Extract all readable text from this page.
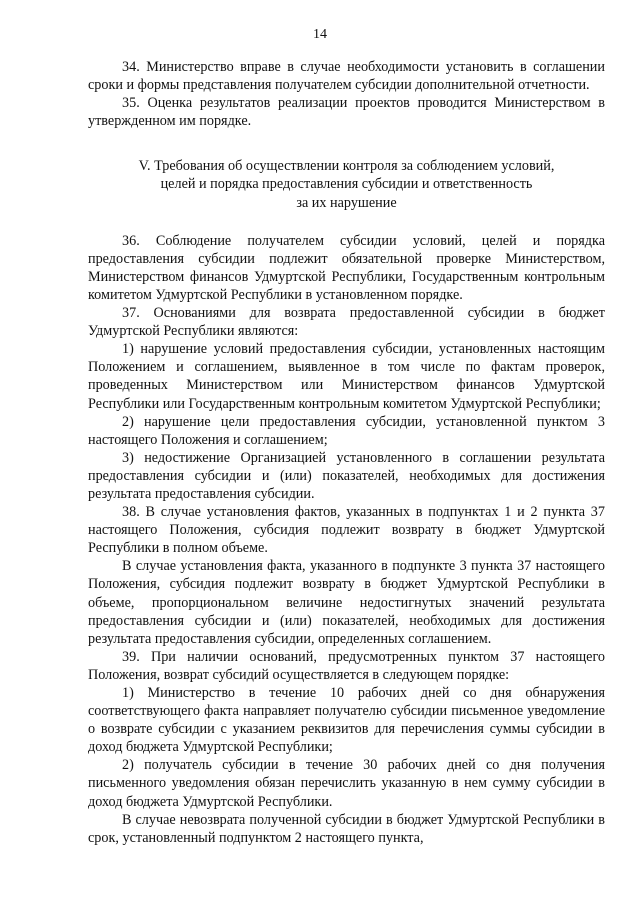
14

34. Министерство вправе в случае необходимости установить в соглашении сроки и формы представления получателем субсидии дополнительной отчетности.

35. Оценка результатов реализации проектов проводится Министерством в утвержденном им порядке.

V. Требования об осуществлении контроля за соблюдением условий,
целей и порядка предоставления субсидии и ответственность
за их нарушение

36. Соблюдение получателем субсидии условий, целей и порядка предоставления субсидии подлежит обязательной проверке Министерством, Министерством финансов Удмуртской Республики, Государственным контрольным комитетом Удмуртской Республики в установленном порядке.

37. Основаниями для возврата предоставленной субсидии в бюджет Удмуртской Республики являются:

1) нарушение условий предоставления субсидии, установленных настоящим Положением и соглашением, выявленное в том числе по фактам проверок, проведенных Министерством или Министерством финансов Удмуртской Республики или Государственным контрольным комитетом Удмуртской Республики;

2) нарушение цели предоставления субсидии, установленной пунктом 3 настоящего Положения и соглашением;

3) недостижение Организацией установленного в соглашении результата предоставления субсидии и (или) показателей, необходимых для достижения результата предоставления субсидии.

38. В случае установления фактов, указанных в подпунктах 1 и 2 пункта 37 настоящего Положения, субсидия подлежит возврату в бюджет Удмуртской Республики в полном объеме.

В случае установления факта, указанного в подпункте 3 пункта 37 настоящего Положения, субсидия подлежит возврату в бюджет Удмуртской Республики в объеме, пропорциональном величине недостигнутых значений результата предоставления субсидии и (или) показателей, необходимых для достижения результата предоставления субсидии, определенных соглашением.

39. При наличии оснований, предусмотренных пунктом 37 настоящего Положения, возврат субсидий осуществляется в следующем порядке:

1) Министерство в течение 10 рабочих дней со дня обнаружения соответствующего факта направляет получателю субсидии письменное уведомление о возврате субсидии с указанием реквизитов для перечисления суммы субсидии в доход бюджета Удмуртской Республики;

2) получатель субсидии в течение 30 рабочих дней со дня получения письменного уведомления обязан перечислить указанную в нем сумму субсидии в доход бюджета Удмуртской Республики.

В случае невозврата полученной субсидии в бюджет Удмуртской Республики в срок, установленный подпунктом 2 настоящего пункта,
